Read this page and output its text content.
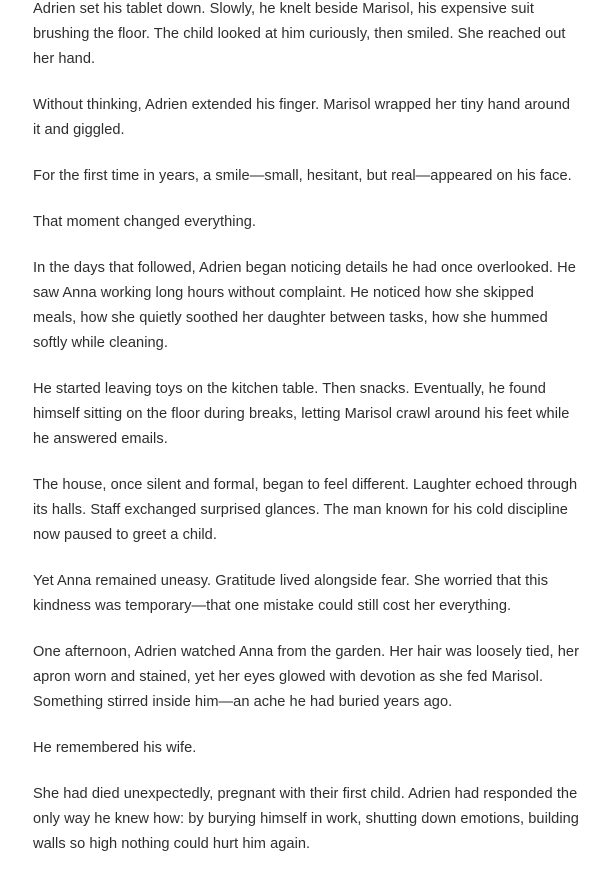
Adrien set his tablet down. Slowly, he knelt beside Marisol, his expensive suit brushing the floor. The child looked at him curiously, then smiled. She reached out her hand.

Without thinking, Adrien extended his finger. Marisol wrapped her tiny hand around it and giggled.

For the first time in years, a smile—small, hesitant, but real—appeared on his face.

That moment changed everything.

In the days that followed, Adrien began noticing details he had once overlooked. He saw Anna working long hours without complaint. He noticed how she skipped meals, how she quietly soothed her daughter between tasks, how she hummed softly while cleaning.

He started leaving toys on the kitchen table. Then snacks. Eventually, he found himself sitting on the floor during breaks, letting Marisol crawl around his feet while he answered emails.

The house, once silent and formal, began to feel different. Laughter echoed through its halls. Staff exchanged surprised glances. The man known for his cold discipline now paused to greet a child.

Yet Anna remained uneasy. Gratitude lived alongside fear. She worried that this kindness was temporary—that one mistake could still cost her everything.

One afternoon, Adrien watched Anna from the garden. Her hair was loosely tied, her apron worn and stained, yet her eyes glowed with devotion as she fed Marisol. Something stirred inside him—an ache he had buried years ago.

He remembered his wife.

She had died unexpectedly, pregnant with their first child. Adrien had responded the only way he knew how: by burying himself in work, shutting down emotions, building walls so high nothing could hurt him again.
